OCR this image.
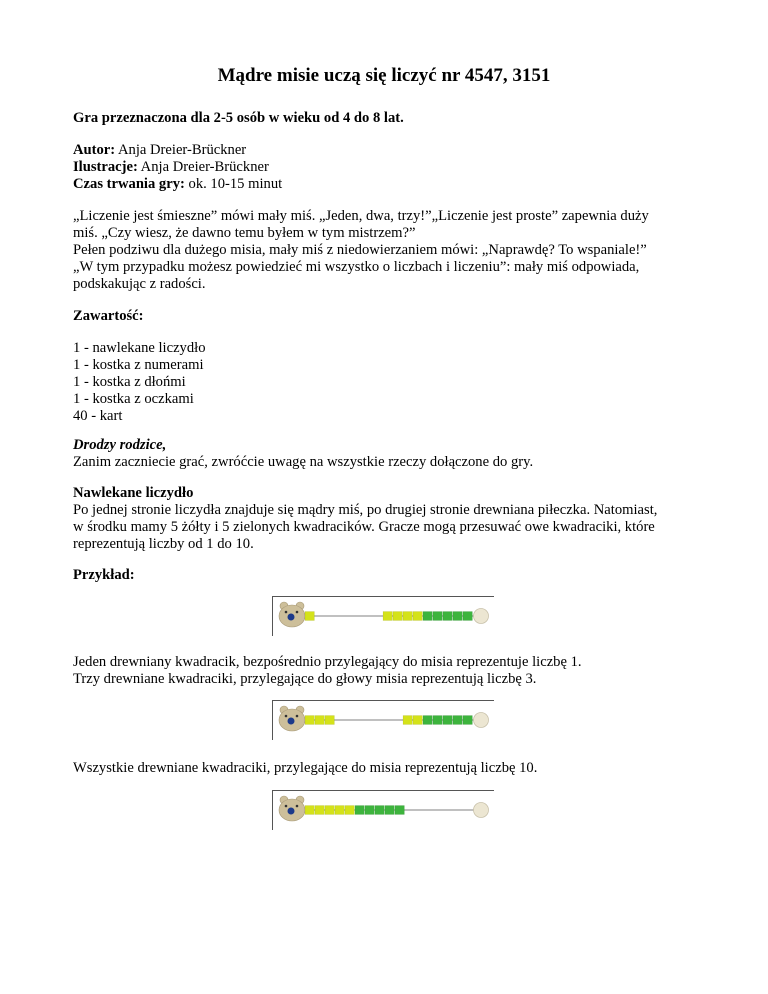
Mądre misie uczą się liczyć nr 4547, 3151
Gra przeznaczona dla 2-5 osób w wieku od 4 do 8 lat.
Autor: Anja Dreier-Brückner
Ilustracje: Anja Dreier-Brückner
Czas trwania gry: ok. 10-15 minut
„Liczenie jest śmieszne” mówi mały miś. „Jeden, dwa, trzy!”„Liczenie jest proste” zapewnia duży
miś. „Czy wiesz, że dawno temu byłem w tym mistrzem?”
Pełen podziwu dla dużego misia, mały miś z niedowierzaniem mówi: „Naprawdę? To wspaniale!”
„W tym przypadku możesz powiedzieć mi wszystko o liczbach i liczeniu”: mały miś odpowiada,
podskakując z radości.
Zawartość:
1 - nawlekane liczydło
1 - kostka z numerami
1 - kostka z dłońmi
1 - kostka z oczkami
40 - kart
Drodzy rodzice,
Zanim zaczniecie grać, zwróćcie uwagę na wszystkie rzeczy dołączone do gry.
Nawlekane liczydło
Po jednej stronie liczydła znajduje się mądry miś, po drugiej stronie drewniana piłeczka. Natomiast,
w środku mamy 5 żółty i 5 zielonych kwadracików. Gracze mogą przesuwać owe kwadraciki, które
reprezentują liczby od 1 do 10.
Przykład:
Jeden drewniany kwadracik, bezpośrednio przylegający do misia reprezentuje liczbę 1.
Trzy drewniane kwadraciki, przylegające do głowy misia reprezentują liczbę 3.
Wszystkie drewniane kwadraciki, przylegające do misia reprezentują liczbę 10.
